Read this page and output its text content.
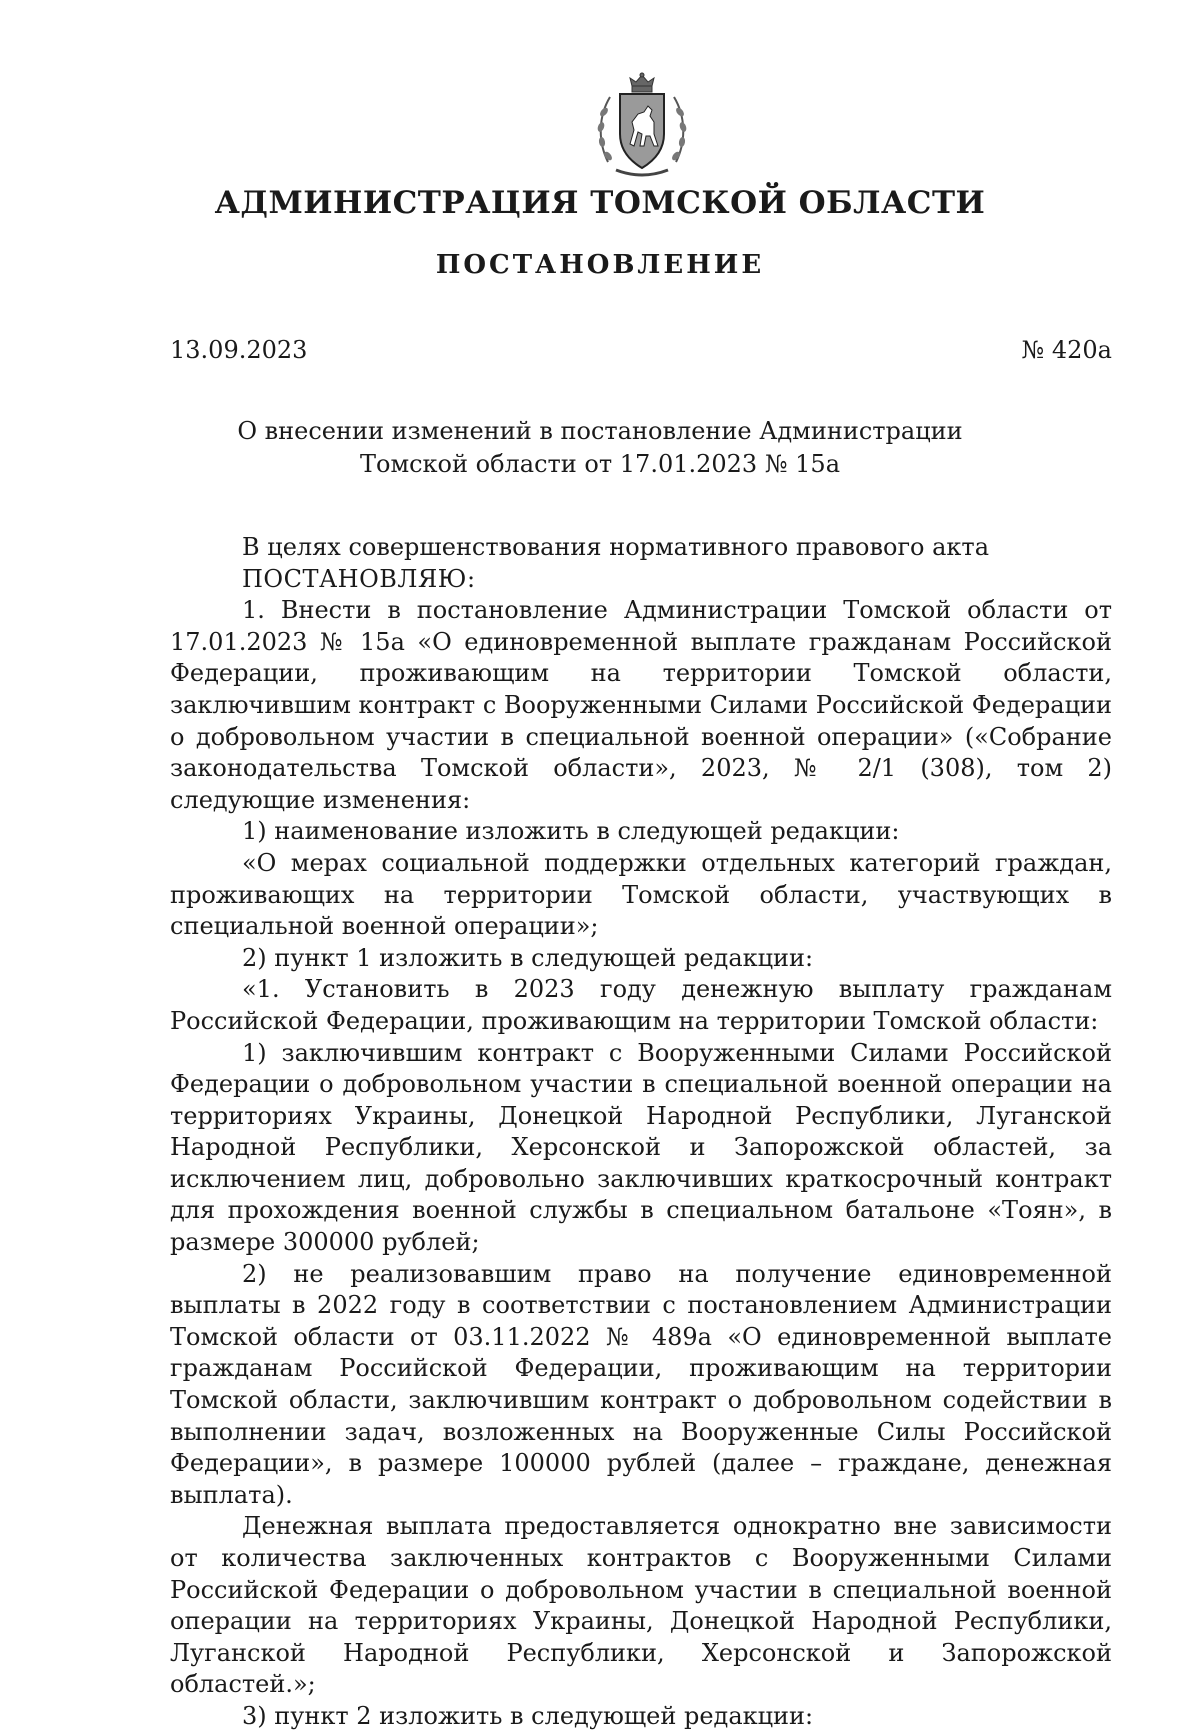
АДМИНИСТРАЦИЯ ТОМСКОЙ ОБЛАСТИ
ПОСТАНОВЛЕНИЕ
13.09.2023	№ 420а
О внесении изменений в постановление Администрации
Томской области от 17.01.2023 № 15а

В целях совершенствования нормативного правового акта

ПОСТАНОВЛЯЮ:

1. Внести в постановление Администрации Томской области от 17.01.2023 № 15а «О единовременной выплате гражданам Российской Федерации, проживающим на территории Томской области, заключившим контракт с Вооруженными Силами Российской Федерации о добровольном участии в специальной военной операции» («Собрание законодательства Томской области», 2023, № 2/1 (308), том 2) следующие изменения:

1) наименование изложить в следующей редакции:

«О мерах социальной поддержки отдельных категорий граждан, проживающих на территории Томской области, участвующих в специальной военной операции»;

2) пункт 1 изложить в следующей редакции:

«1. Установить в 2023 году денежную выплату гражданам Российской Федерации, проживающим на территории Томской области:

1) заключившим контракт с Вооруженными Силами Российской Федерации о добровольном участии в специальной военной операции на территориях Украины, Донецкой Народной Республики, Луганской Народной Республики, Херсонской и Запорожской областей, за исключением лиц, добровольно заключивших краткосрочный контракт для прохождения военной службы в специальном батальоне «Тоян», в размере 300000 рублей;

2) не реализовавшим право на получение единовременной выплаты в 2022 году в соответствии с постановлением Администрации Томской области от 03.11.2022 № 489а «О единовременной выплате гражданам Российской Федерации, проживающим на территории Томской области, заключившим контракт о добровольном содействии в выполнении задач, возложенных на Вооруженные Силы Российской Федерации», в размере 100000 рублей (далее – граждане, денежная выплата).

Денежная выплата предоставляется однократно вне зависимости от количества заключенных контрактов с Вооруженными Силами Российской Федерации о добровольном участии в специальной военной операции на территориях Украины, Донецкой Народной Республики, Луганской Народной Республики, Херсонской и Запорожской областей.»;

3) пункт 2 изложить в следующей редакции:
